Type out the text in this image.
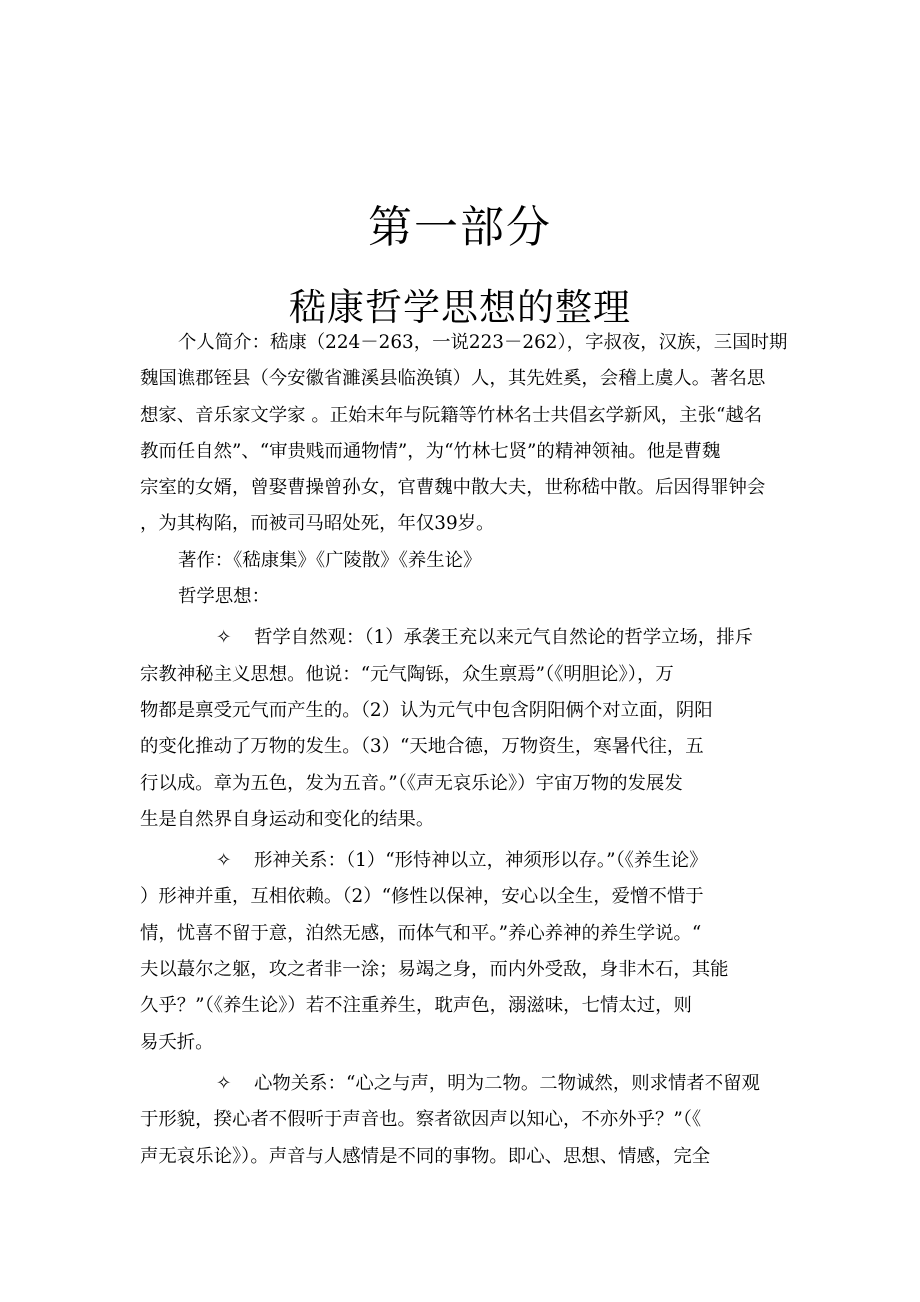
第一部分
嵇康哲学思想的整理

个人简介：嵇康（224－263，一说223－262），字叔夜，汉族，三国时期
魏国谯郡铚县（今安徽省濉溪县临涣镇）人，其先姓奚，会稽上虞人。著名思
想家、音乐家文学家 。正始末年与阮籍等竹林名士共倡玄学新风，主张“越名
教而任自然”、“审贵贱而通物情”，为“竹林七贤”的精神领袖。他是曹魏
宗室的女婿，曾娶曹操曾孙女，官曹魏中散大夫，世称嵇中散。后因得罪钟会
，为其构陷，而被司马昭处死，年仅39岁。

著作：《嵇康集》《广陵散》《养生论》

哲学思想：

✧ 哲学自然观：（1）承袭王充以来元气自然论的哲学立场，排斥
宗教神秘主义思想。他说：“元气陶铄，众生禀焉”（《明胆论》），万
物都是禀受元气而产生的。（2）认为元气中包含阴阳俩个对立面，阴阳
的变化推动了万物的发生。（3）“天地合德，万物资生，寒暑代往，五
行以成。章为五色，发为五音。”（《声无哀乐论》）宇宙万物的发展发
生是自然界自身运动和变化的结果。

✧ 形神关系：（1）“形恃神以立，神须形以存。”（《养生论》
）形神并重，互相依赖。（2）“修性以保神，安心以全生，爱憎不惜于
情，忧喜不留于意，泊然无感，而体气和平。”养心养神的养生学说。“
夫以蕞尔之躯，攻之者非一涂；易竭之身，而内外受敌，身非木石，其能
久乎？”（《养生论》）若不注重养生，耽声色，溺滋味，七情太过，则
易夭折。

✧ 心物关系：“心之与声，明为二物。二物诚然，则求情者不留观
于形貌，揆心者不假听于声音也。察者欲因声以知心，不亦外乎？”（《
声无哀乐论》）。声音与人感情是不同的事物。即心、思想、情感，完全
